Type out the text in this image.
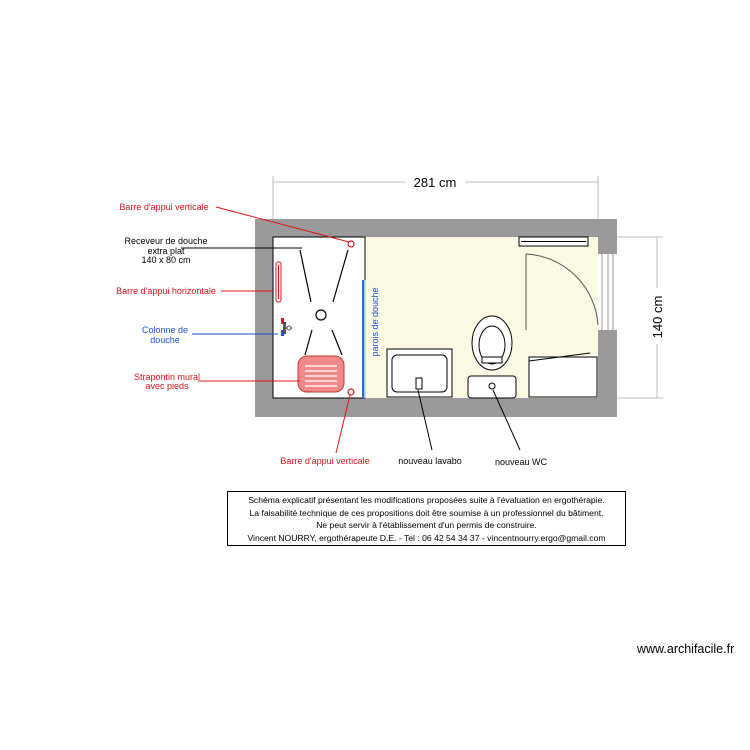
281 cm
140 cm
parois de douche
Barre d'appui verticale
Receveur de douche
extra plat
140 x 80 cm
Barre d'appui horizontale
Colonne de
douche
Strapontin mural
avec pieds
Barre d'appui verticale	nouveau lavabo	nouveau WC
Schéma explicatif présentant les modifications proposées suite à l'évaluation en ergothérapie.
La faisabilité technique de ces propositions doit être soumise à un professionnel du bâtiment.
Ne peut servir à l'établissement d'un permis de construire.
Vincent NOURRY, ergothérapeute D.E. - Tel : 06 42 54 34 37 - vincentnourry.ergo@gmail.com
www.archifacile.fr
